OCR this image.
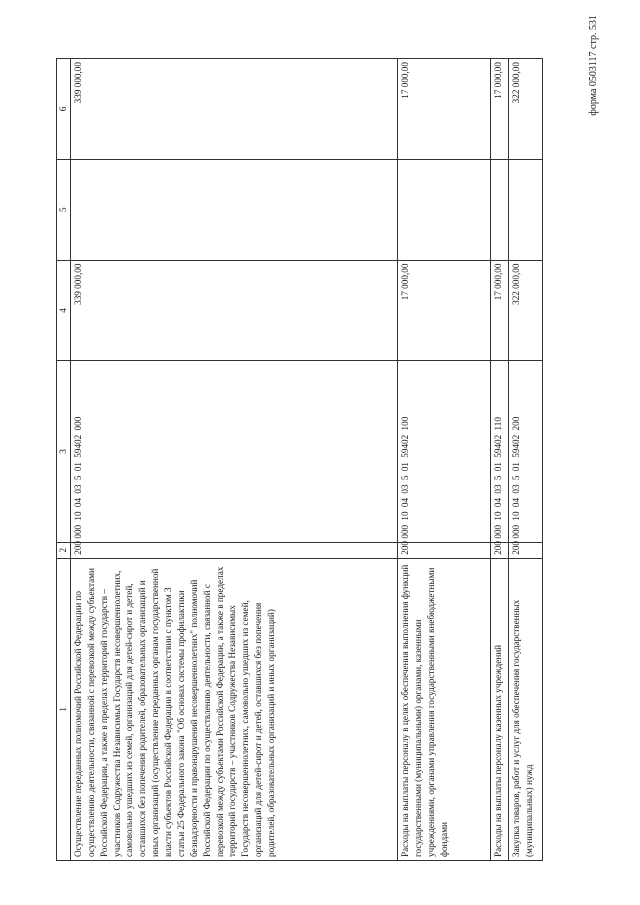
форма 0503117 стр. 531
1	2	3	4	5	6
Осуществление переданных полномочий Российской Федерации по осуществлению деятельности, связанной с перевозкой между субъектами Российской Федерации, а также в пределах территорий государств – участников Содружества Независимых Государств несовершеннолетних, самовольно ушедших из семей, организаций для детей-сирот и детей, оставшихся без попечения родителей, образовательных организаций и иных организаций (осуществление переданных органам государственной власти субъектов Российской Федерации в соответствии с пунктом 3 статьи 25 Федерального закона "Об основах системы профилактики безнадзорности и правонарушений несовершеннолетних" полномочий Российской Федерации по осуществлению деятельности, связанной с перевозкой между субъектами Российской Федерации, а также в пределах территорий государств – участников Содружества Независимых Государств несовершеннолетних, самовольно ушедших из семей, организаций для детей-сирот и детей, оставшихся без попечения родителей, образовательных организаций и иных организаций)	200	000 10 04 03 5 01 59402 000	339 000,00		339 000,00
Расходы на выплаты персоналу в целях обеспечения выполнения функций государственными (муниципальными) органами, казенными учреждениями, органами управления государственными внебюджетными фондами	200	000 10 04 03 5 01 59402 100	17 000,00		17 000,00
Расходы на выплаты персоналу казенных учреждений	200	000 10 04 03 5 01 59402 110	17 000,00		17 000,00
Закупка товаров, работ и услуг для обеспечения государственных (муниципальных) нужд	200	000 10 04 03 5 01 59402 200	322 000,00		322 000,00
